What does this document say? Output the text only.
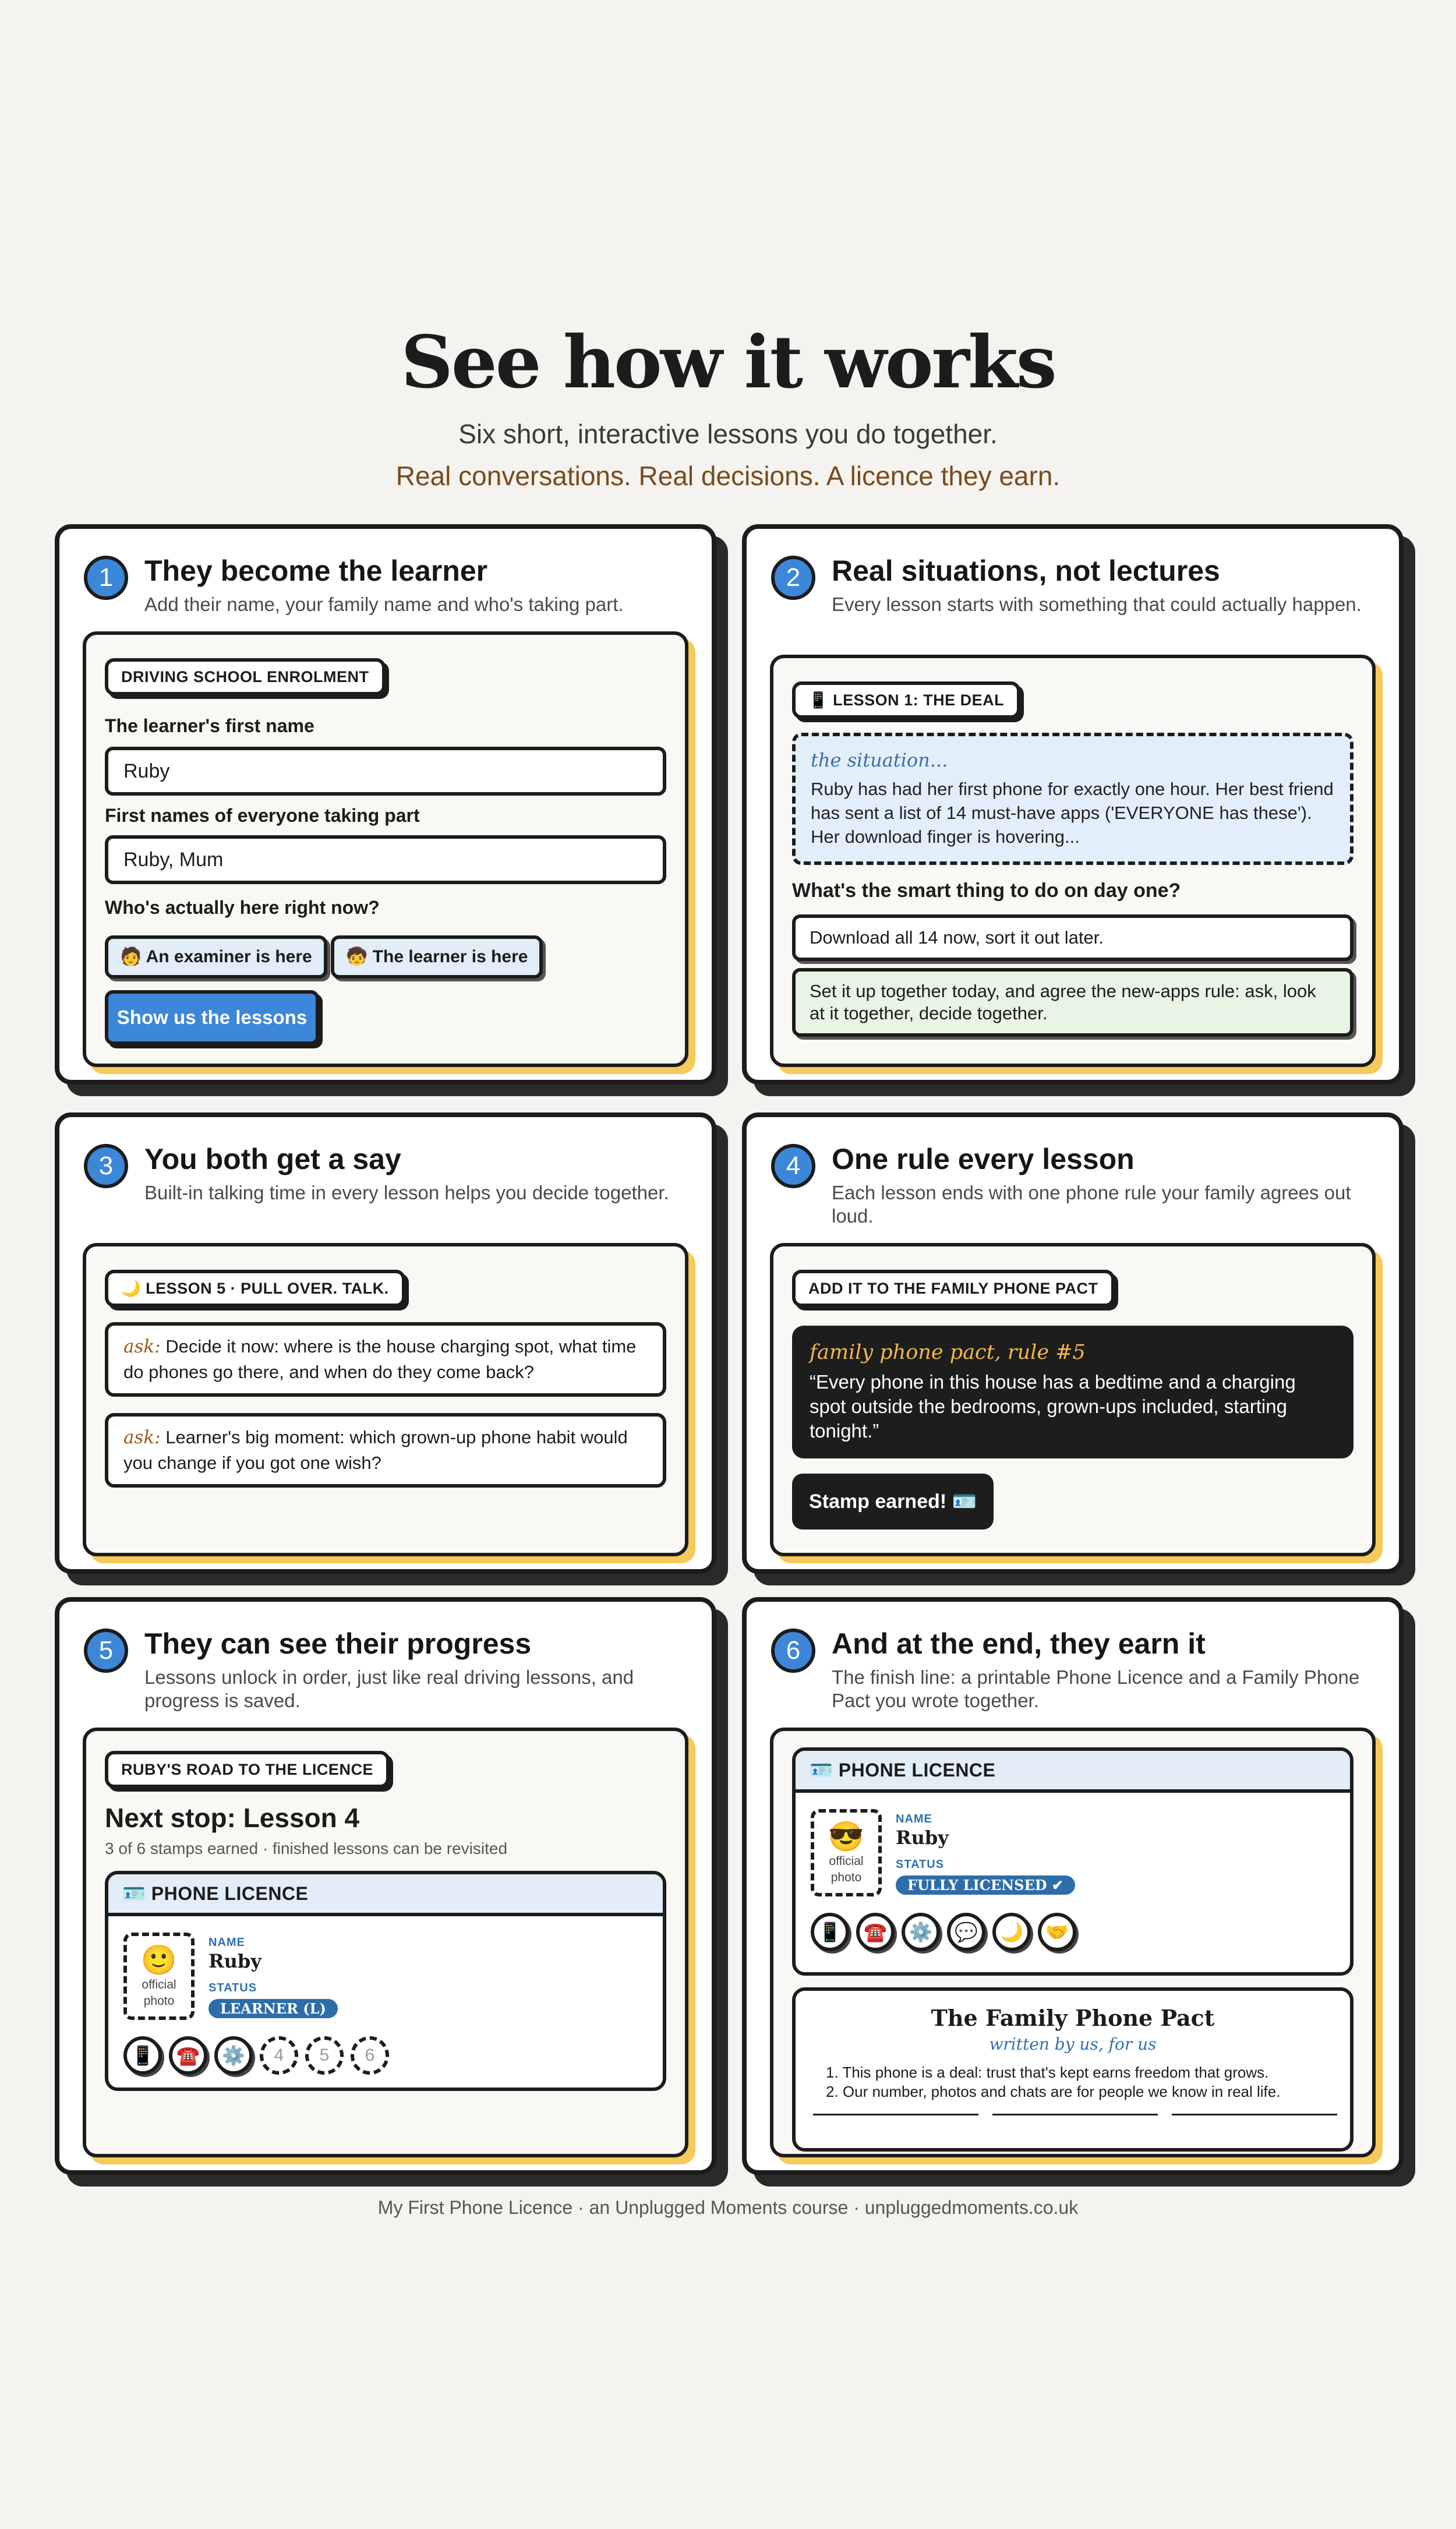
See how it works
Six short, interactive lessons you do together.
Real conversations. Real decisions. A licence they earn.
1	They become the learner
Add their name, your family name and who's taking part.
DRIVING SCHOOL ENROLMENT
The learner's first name
Ruby
First names of everyone taking part
Ruby, Mum
Who's actually here right now?
🧑 An examiner is here	🧒 The learner is here
Show us the lessons
2	Real situations, not lectures
Every lesson starts with something that could actually happen.
📱 LESSON 1: THE DEAL
the situation...
Ruby has had her first phone for exactly one hour. Her best friend has sent a list of 14 must-have apps ('EVERYONE has these'). Her download finger is hovering...
What's the smart thing to do on day one?
Download all 14 now, sort it out later.
Set it up together today, and agree the new-apps rule: ask, look at it together, decide together.
3	You both get a say
Built-in talking time in every lesson helps you decide together.
🌙 LESSON 5 · PULL OVER. TALK.
ask: Decide it now: where is the house charging spot, what time do phones go there, and when do they come back?
ask: Learner's big moment: which grown-up phone habit would you change if you got one wish?
4	One rule every lesson
Each lesson ends with one phone rule your family agrees out loud.
ADD IT TO THE FAMILY PHONE PACT
family phone pact, rule #5
“Every phone in this house has a bedtime and a charging spot outside the bedrooms, grown-ups included, starting tonight.”
Stamp earned! 🪪
5	They can see their progress
Lessons unlock in order, just like real driving lessons, and progress is saved.
RUBY'S ROAD TO THE LICENCE
Next stop: Lesson 4
3 of 6 stamps earned · finished lessons can be revisited
🪪 PHONE LICENCE
🙂
official
photo
NAME
Ruby
STATUS
LEARNER (L)
📱	☎️	⚙️	4	5	6
6	And at the end, they earn it
The finish line: a printable Phone Licence and a Family Phone Pact you wrote together.
🪪 PHONE LICENCE
😎
official
photo
NAME
Ruby
STATUS
FULLY LICENSED ✔
📱	☎️	⚙️	💬	🌙	🤝
The Family Phone Pact
written by us, for us
1. This phone is a deal: trust that's kept earns freedom that grows.
2. Our number, photos and chats are for people we know in real life.
My First Phone Licence · an Unplugged Moments course · unpluggedmoments.co.uk
